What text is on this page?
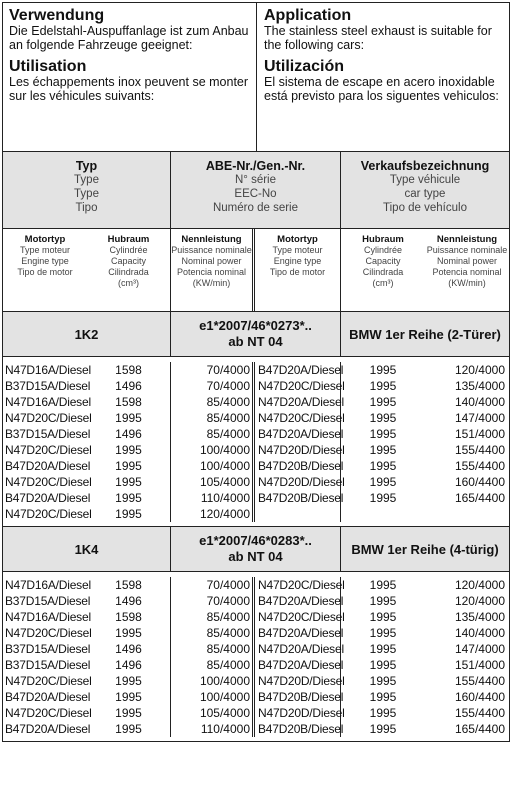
Verwendung

Die Edelstahl-Auspuffanlage ist zum Anbau an folgende Fahrzeuge geeignet:

Utilisation

Les échappements inox peuvent se monter sur les véhicules suivants:

Application

The stainless steel exhaust is suitable for the following cars:

Utilización

El sistema de escape en acero inoxidable está previsto para los siguentes vehiculos:

Typ
Type
Type
Tipo
ABE-Nr./Gen.-Nr.
N° série
EEC-No
Numéro de serie
Verkaufsbezeichnung
Type véhicule
car type
Tipo de vehículo
Motortyp
Type moteur
Engine type
Tipo de motor
Hubraum
Cylindrée
Capacity
Cilindrada
(cm³)
Nennleistung
Puissance nominale
Nominal power
Potencia nominal
(KW/min)
Motortyp
Type moteur
Engine type
Tipo de motor
Hubraum
Cylindrée
Capacity
Cilindrada
(cm³)
Nennleistung
Puissance nominale
Nominal power
Potencia nominal
(KW/min)
1K2
e1*2007/46*0273*..
ab NT 04	BMW 1er Reihe (2-Türer)
N47D16A/Diesel	1598	70/4000 B47D20A/Diesel	1995	120/4000
B37D15A/Diesel	1496	70/4000 N47D20C/Diesel	1995	135/4000
N47D16A/Diesel	1598	85/4000 N47D20A/Diesel	1995	140/4000
N47D20C/Diesel	1995	85/4000 N47D20C/Diesel	1995	147/4000
B37D15A/Diesel	1496	85/4000 B47D20A/Diesel	1995	151/4000
N47D20C/Diesel	1995	100/4000 N47D20D/Diesel	1995	155/4400
B47D20A/Diesel	1995	100/4000 B47D20B/Diesel	1995	155/4400
N47D20C/Diesel	1995	105/4000 N47D20D/Diesel	1995	160/4400
B47D20A/Diesel	1995	110/4000 B47D20B/Diesel	1995	165/4400
N47D20C/Diesel	1995	120/4000
1K4
e1*2007/46*0283*..
ab NT 04	BMW 1er Reihe (4-türig)
N47D16A/Diesel	1598	70/4000 N47D20C/Diesel	1995	120/4000
B37D15A/Diesel	1496	70/4000 B47D20A/Diesel	1995	120/4000
N47D16A/Diesel	1598	85/4000 N47D20C/Diesel	1995	135/4000
N47D20C/Diesel	1995	85/4000 B47D20A/Diesel	1995	140/4000
B37D15A/Diesel	1496	85/4000 N47D20A/Diesel	1995	147/4000
B37D15A/Diesel	1496	85/4000 B47D20A/Diesel	1995	151/4000
N47D20C/Diesel	1995	100/4000 N47D20D/Diesel	1995	155/4400
B47D20A/Diesel	1995	100/4000 B47D20B/Diesel	1995	160/4400
N47D20C/Diesel	1995	105/4000 N47D20D/Diesel	1995	155/4400
B47D20A/Diesel	1995	110/4000 B47D20B/Diesel	1995	165/4400
